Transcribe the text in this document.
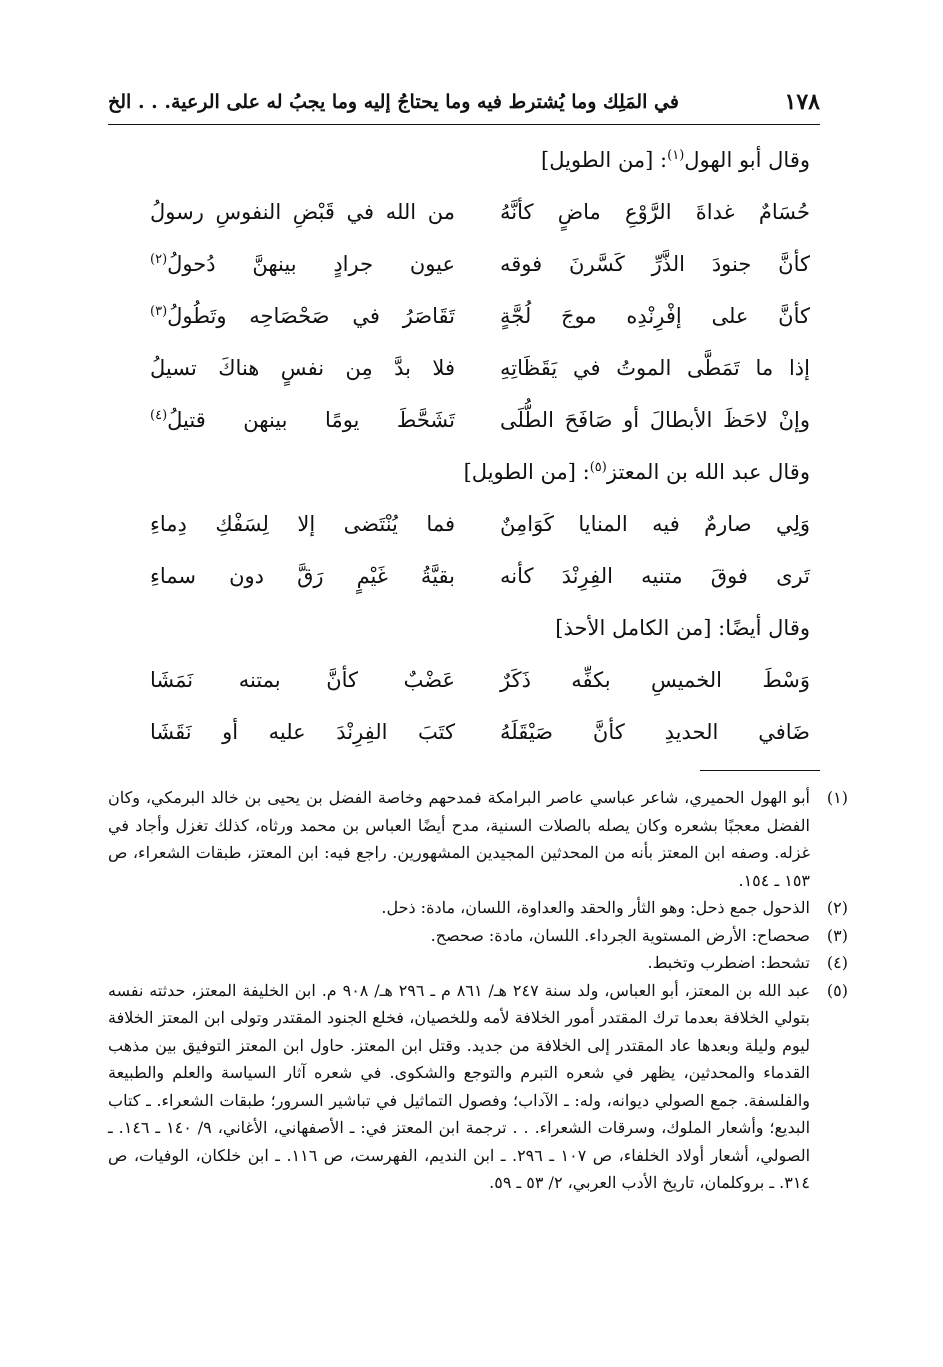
١٧٨
في المَلِك وما يُشترط فيه وما يحتاجُ إليه وما يجبُ له على الرعية. . . الخ
وقال أبو الهول$^{(١)}$: [من الطويل]
حُسَامٌ غداةَ الرَّوْعِ ماضٍ كأنَّهُ
من الله في قَبْضِ النفوسِ رسولُ
كأنَّ جنودَ الذَّرِّ كَسَّرنَ فوقه
عيون جرادٍ بينهنَّ دُحولُ$^{(٢)}$
كأنَّ على إفْرِنْدِه موجَ لُجَّةٍ
تَقَاصَرُ في صَحْصَاحِه وتَطُولُ$^{(٣)}$
إذا ما تَمَطَّى الموتُ في يَقَظَاتِهِ
فلا بدَّ مِن نفسٍ هناكَ تسيلُ
وإنْ لاحَظَ الأبطالَ أو صَافَحَ الطُّلَى
تَشَحَّطَ يومًا بينهن قتيلُ$^{(٤)}$
وقال عبد الله بن المعتز$^{(٥)}$: [من الطويل]
وَلِي صارمٌ فيه المنايا كَوَامِنٌ
فما يُنْتَضى إلا لِسَفْكِ دِماءِ
تَرى فوقَ متنيه الفِرِنْدَ كأنه
بقيَّةُ غَيْمٍ رَقَّ دون سماءِ
وقال أيضًا: [من الكامل الأحذ]
وَسْطَ الخميسِ بكفِّه ذَكَرٌ
عَضْبٌ كأنَّ بمتنه نَمَشَا
ضَافي الحديدِ كأنَّ صَيْقَلَهُ
كتَبَ الفِرِنْدَ عليه أو نَقَشَا
(١)
أبو الهول الحميري، شاعر عباسي عاصر البرامكة فمدحهم وخاصة الفضل بن يحيى بن خالد البرمكي، وكان الفضل معجبًا بشعره وكان يصله بالصلات السنية، مدح أيضًا العباس بن محمد ورثاه، كذلك تغزل وأجاد في غزله. وصفه ابن المعتز بأنه من المحدثين المجيدين المشهورين. راجع فيه: ابن المعتز، طبقات الشعراء، ص ١٥٣ ـ ١٥٤.
(٢)
الذحول جمع ذحل: وهو الثأر والحقد والعداوة، اللسان، مادة: ذحل.
(٣)
صحصاح: الأرض المستوية الجرداء. اللسان، مادة: صحصح.
(٤)
تشحط: اضطرب وتخبط.
(٥)
عبد الله بن المعتز، أبو العباس، ولد سنة ٢٤٧ هـ/ ٨٦١ م ـ ٢٩٦ هـ/ ٩٠٨ م. ابن الخليفة المعتز، حدثته نفسه بتولي الخلافة بعدما ترك المقتدر أمور الخلافة لأمه وللخصيان، فخلع الجنود المقتدر وتولى ابن المعتز الخلافة ليوم وليلة وبعدها عاد المقتدر إلى الخلافة من جديد. وقتل ابن المعتز. حاول ابن المعتز التوفيق بين مذهب القدماء والمحدثين، يظهر في شعره التبرم والتوجع والشكوى. في شعره آثار السياسة والعلم والطبيعة والفلسفة. جمع الصولي ديوانه، وله: ـ الآداب؛ وفصول التماثيل في تباشير السرور؛ طبقات الشعراء. ـ كتاب البديع؛ وأشعار الملوك، وسرقات الشعراء. . . ترجمة ابن المعتز في: ـ الأصفهاني، الأغاني، ٩/ ١٤٠ ـ ١٤٦. ـ الصولي، أشعار أولاد الخلفاء، ص ١٠٧ ـ ٢٩٦. ـ ابن النديم، الفهرست، ص ١١٦. ـ ابن خلكان، الوفيات، ص ٣١٤. ـ بروكلمان، تاريخ الأدب العربي، ٢/ ٥٣ ـ ٥٩.
